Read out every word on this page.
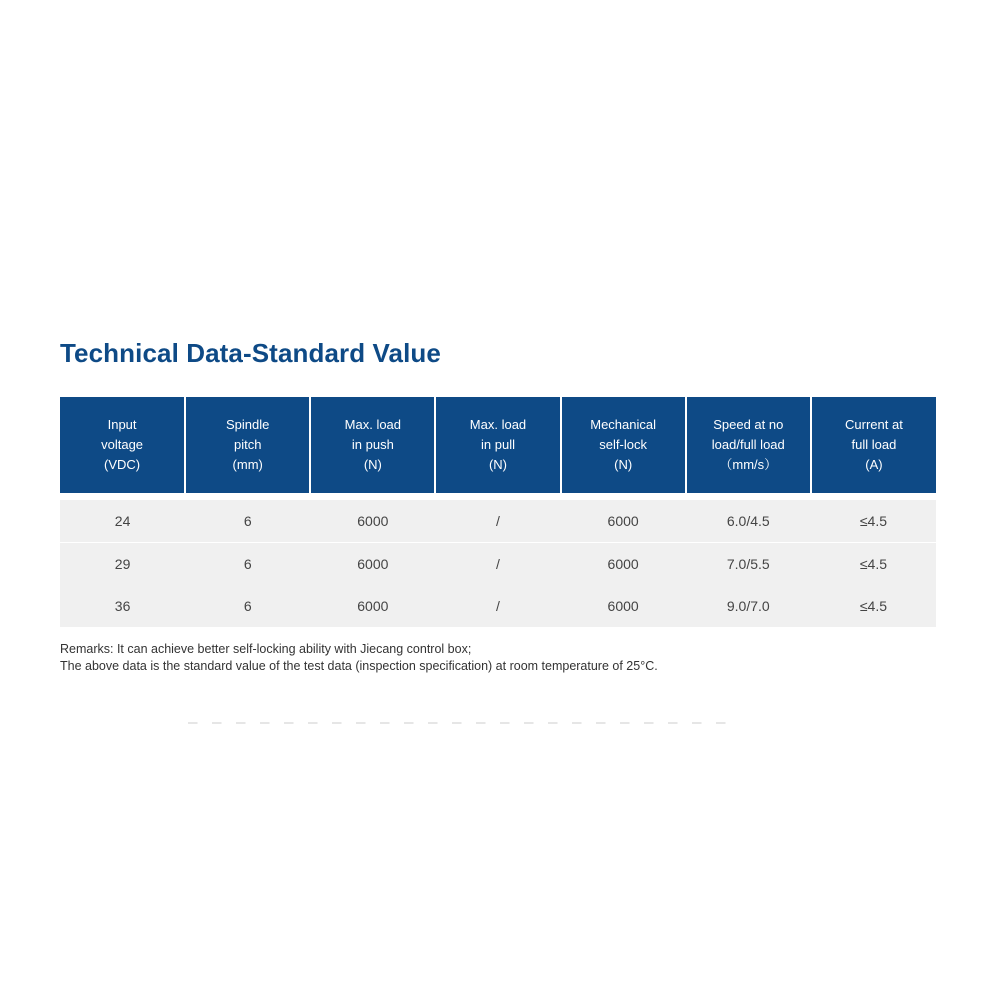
Technical Data-Standard Value
Input
voltage
(VDC)	Spindle
pitch
(mm)	Max. load
in push
(N)	Max. load
in pull
(N)	Mechanical
self-lock
(N)	Speed at no
load/full load
（mm/s）	Current at
full load
(A)

24	6	6000	/	6000	6.0/4.5	≤4.5
29	6	6000	/	6000	7.0/5.5	≤4.5
36	6	6000	/	6000	9.0/7.0	≤4.5
Remarks: It can achieve better self-locking ability with Jiecang control box;
The above data is the standard value of the test data (inspection specification) at room temperature of 25°C.
